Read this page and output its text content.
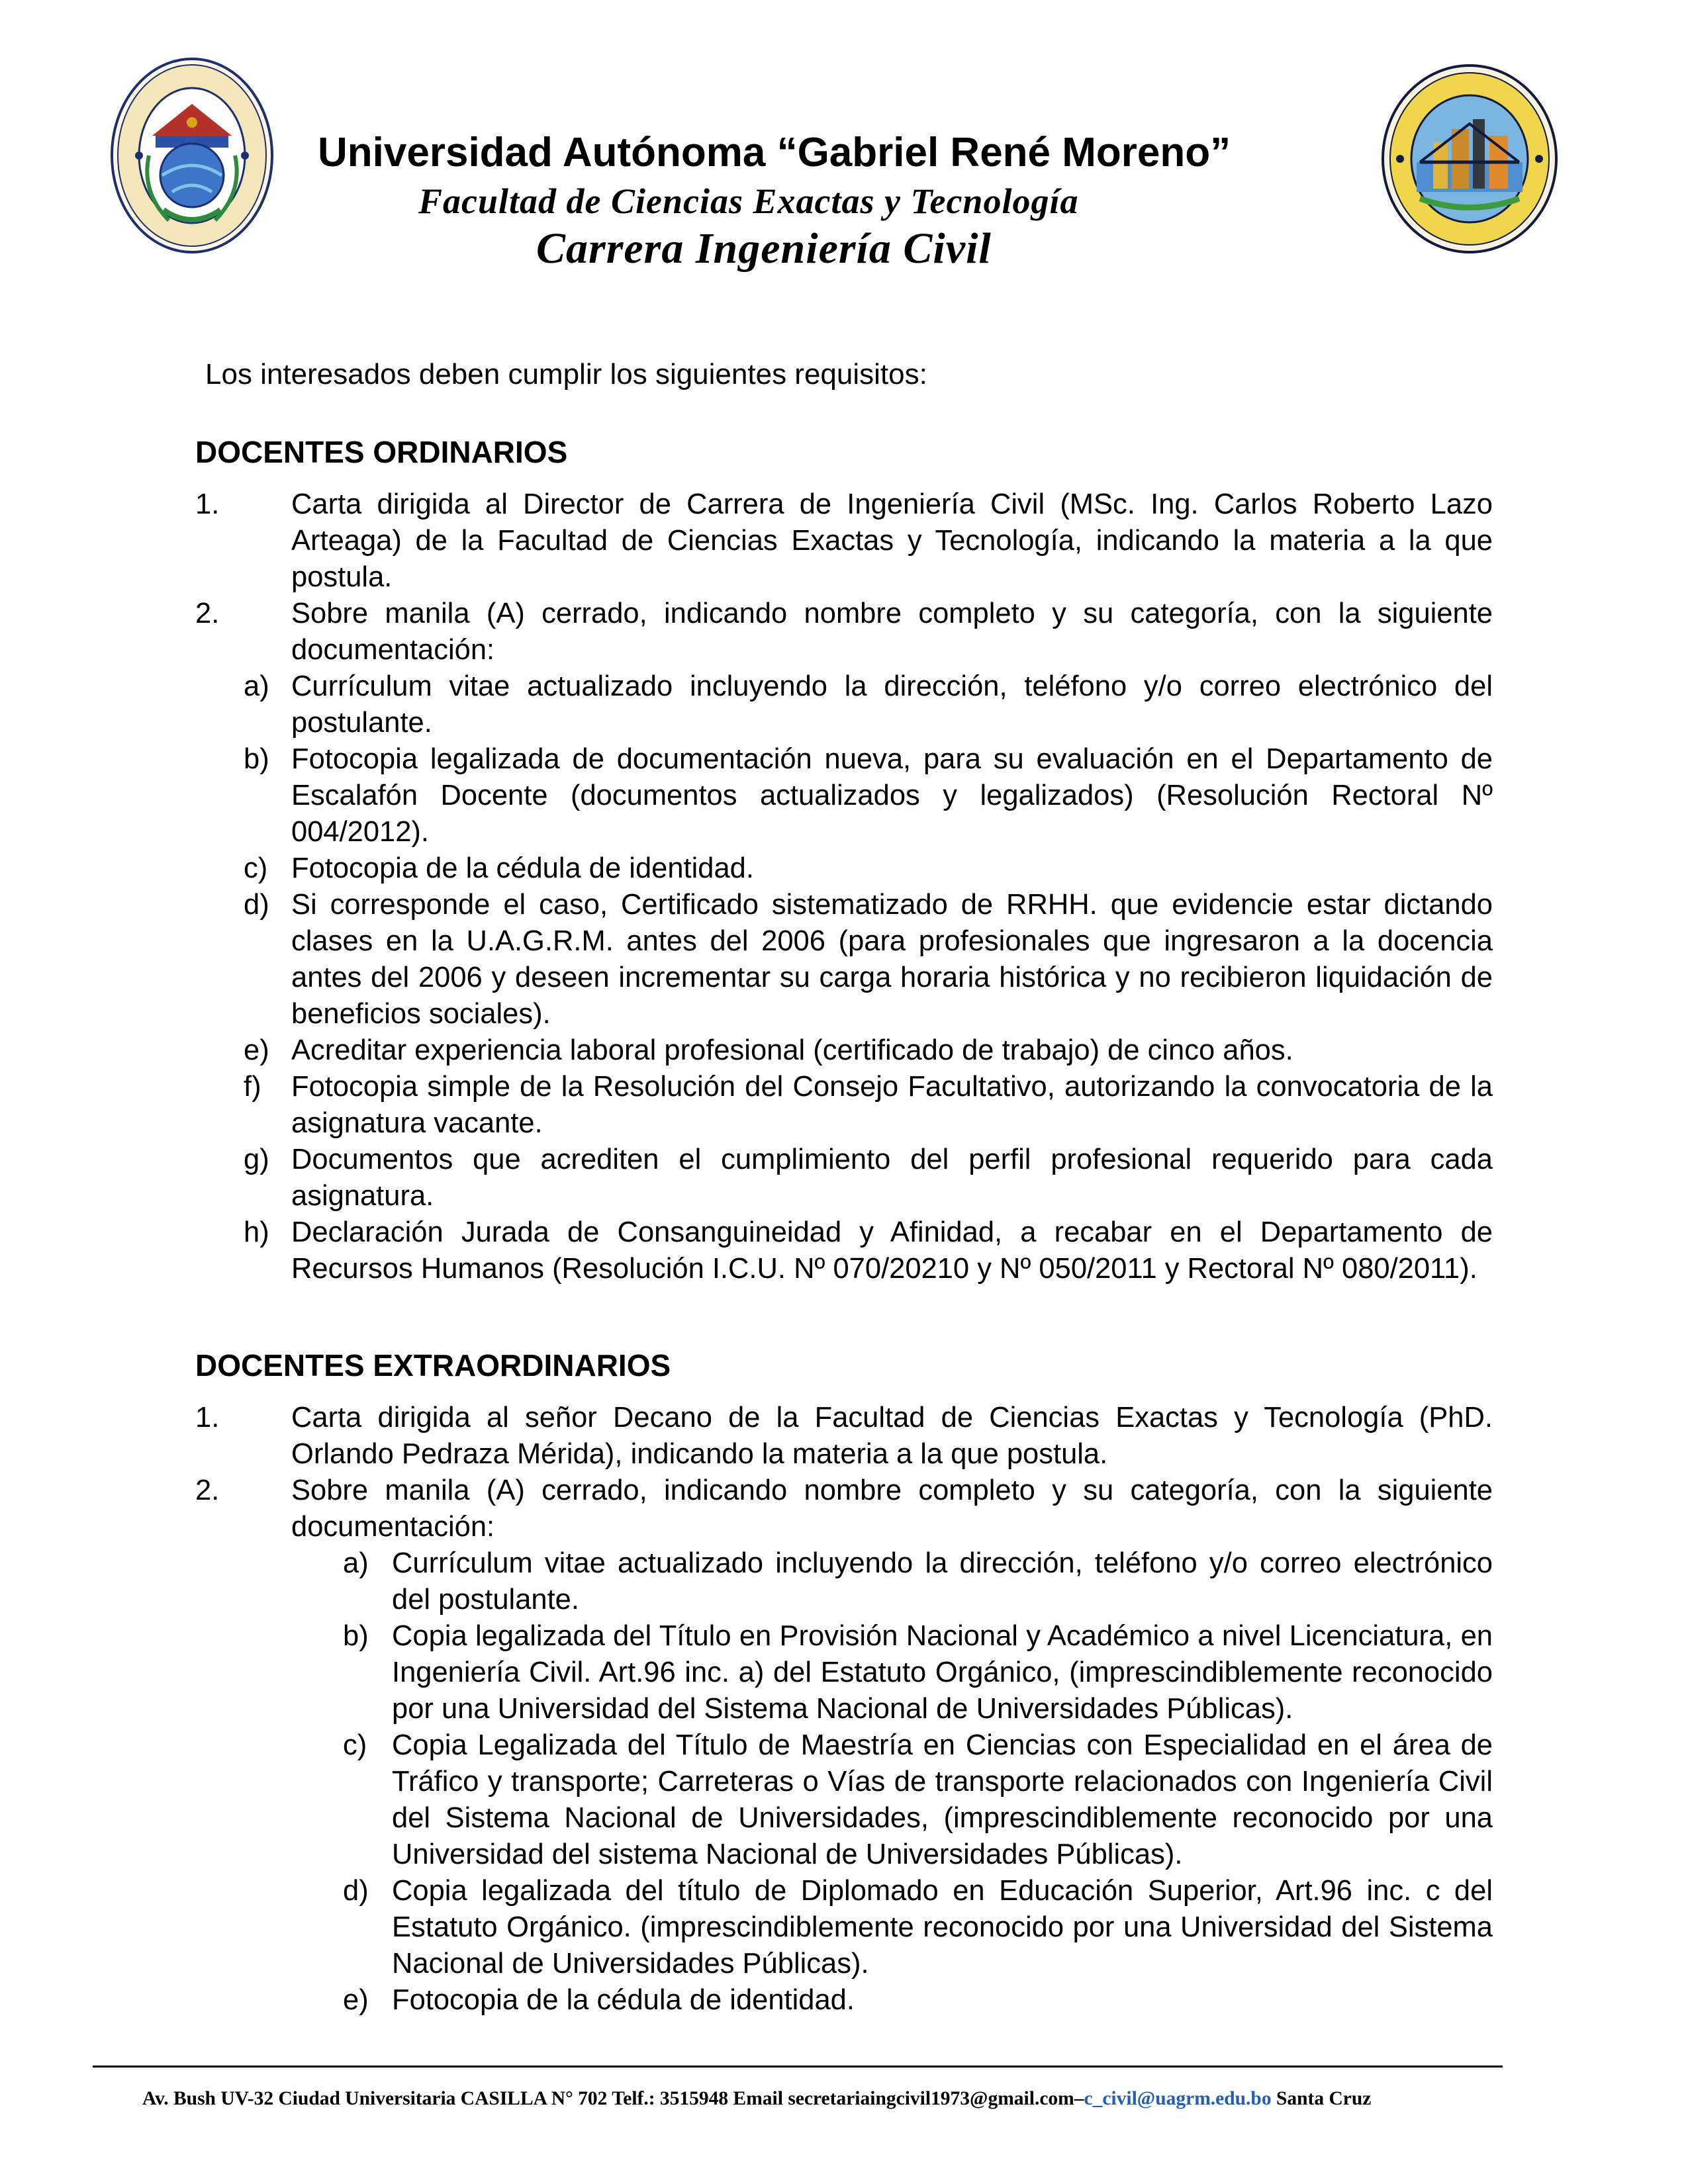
Universidad Autónoma “Gabriel René Moreno”
Facultad de Ciencias Exactas y Tecnología
Carrera Ingeniería Civil
Los interesados deben cumplir los siguientes requisitos:
DOCENTES ORDINARIOS
1. Carta dirigida al Director de Carrera de Ingeniería Civil (MSc. Ing. Carlos Roberto Lazo Arteaga) de la Facultad de Ciencias Exactas y Tecnología, indicando la materia a la que postula.
2. Sobre manila (A) cerrado, indicando nombre completo y su categoría, con la siguiente documentación:
a) Currículum vitae actualizado incluyendo la dirección, teléfono y/o correo electrónico del postulante.
b) Fotocopia legalizada de documentación nueva, para su evaluación en el Departamento de Escalafón Docente (documentos actualizados y legalizados) (Resolución Rectoral Nº 004/2012).
c) Fotocopia de la cédula de identidad.
d) Si corresponde el caso, Certificado sistematizado de RRHH. que evidencie estar dictando clases en la U.A.G.R.M. antes del 2006 (para profesionales que ingresaron a la docencia antes del 2006 y deseen incrementar su carga horaria histórica y no recibieron liquidación de beneficios sociales).
e) Acreditar experiencia laboral profesional (certificado de trabajo) de cinco años.
f) Fotocopia simple de la Resolución del Consejo Facultativo, autorizando la convocatoria de la asignatura vacante.
g) Documentos que acrediten el cumplimiento del perfil profesional requerido para cada asignatura.
h) Declaración Jurada de Consanguineidad y Afinidad, a recabar en el Departamento de Recursos Humanos (Resolución I.C.U. Nº 070/20210 y Nº 050/2011 y Rectoral Nº 080/2011).
DOCENTES EXTRAORDINARIOS
1. Carta dirigida al señor Decano de la Facultad de Ciencias Exactas y Tecnología (PhD. Orlando Pedraza Mérida), indicando la materia a la que postula.
2. Sobre manila (A) cerrado, indicando nombre completo y su categoría, con la siguiente documentación:
a) Currículum vitae actualizado incluyendo la dirección, teléfono y/o correo electrónico del postulante.
b) Copia legalizada del Título en Provisión Nacional y Académico a nivel Licenciatura, en Ingeniería Civil. Art.96 inc. a) del Estatuto Orgánico, (imprescindiblemente reconocido por una Universidad del Sistema Nacional de Universidades Públicas).
c) Copia Legalizada del Título de Maestría en Ciencias con Especialidad en el área de Tráfico y transporte; Carreteras o Vías de transporte relacionados con Ingeniería Civil del Sistema Nacional de Universidades, (imprescindiblemente reconocido por una Universidad del sistema Nacional de Universidades Públicas).
d) Copia legalizada del título de Diplomado en Educación Superior, Art.96 inc. c del Estatuto Orgánico. (imprescindiblemente reconocido por una Universidad del Sistema Nacional de Universidades Públicas).
e) Fotocopia de la cédula de identidad.
Av. Bush UV-32 Ciudad Universitaria CASILLA N° 702 Telf.: 3515948 Email secretariaingcivil1973@gmail.com–c_civil@uagrm.edu.bo Santa Cruz
